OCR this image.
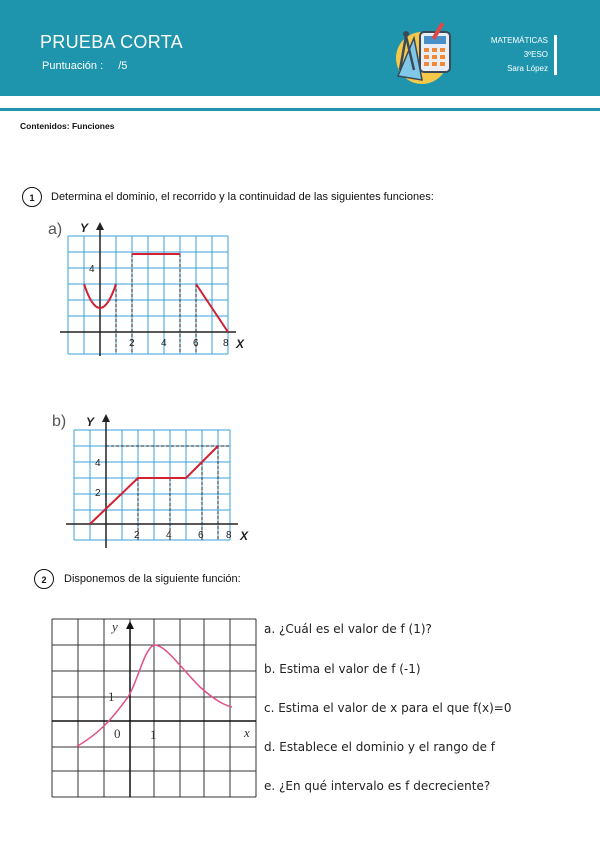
PRUEBA CORTA
Puntuación : /5
MATEMÁTICAS
3ºESO
Sara López
Contenidos: Funciones
1	Determina el dominio, el recorrido y la continuidad de las siguientes funciones:
a) Y
X
4
2	4	6 8
b) Y
X
4
2
2	4	6 8
2	Disponemos de la siguiente función:
y
x
0 1
1
a. ¿Cuál es el valor de f (1)?
b. Estima el valor de f (-1)
c. Estima el valor de x para el que f(x)=0
d. Establece el dominio y el rango de f
e. ¿En qué intervalo es f decreciente?
